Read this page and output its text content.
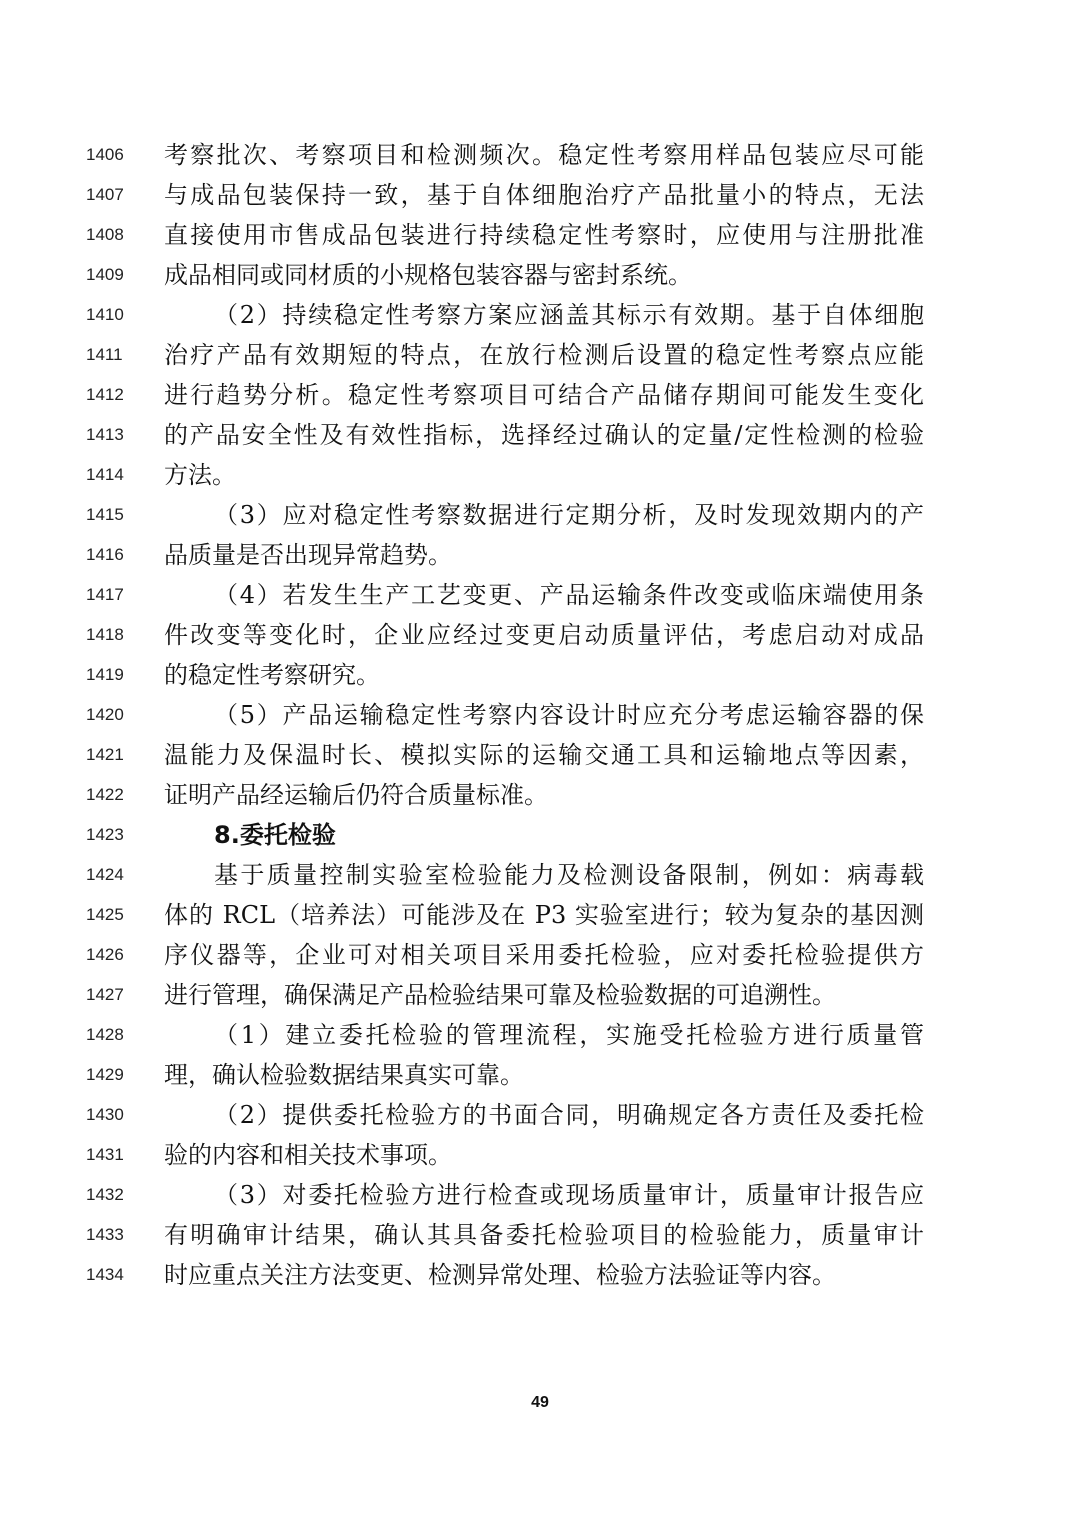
1406 考察批次、考察项目和检测频次。稳定性考察用样品包装应尽可能
1407 与成品包装保持一致，基于自体细胞治疗产品批量小的特点，无法
1408 直接使用市售成品包装进行持续稳定性考察时，应使用与注册批准
1409 成品相同或同材质的小规格包装容器与密封系统。
1410	（2）持续稳定性考察方案应涵盖其标示有效期。基于自体细胞
1411 治疗产品有效期短的特点，在放行检测后设置的稳定性考察点应能
1412 进行趋势分析。稳定性考察项目可结合产品储存期间可能发生变化
1413 的产品安全性及有效性指标，选择经过确认的定量/定性检测的检验
1414 方法。
1415	（3）应对稳定性考察数据进行定期分析，及时发现效期内的产
1416 品质量是否出现异常趋势。
1417	（4）若发生生产工艺变更、产品运输条件改变或临床端使用条
1418 件改变等变化时，企业应经过变更启动质量评估，考虑启动对成品
1419 的稳定性考察研究。
1420	（5）产品运输稳定性考察内容设计时应充分考虑运输容器的保
1421 温能力及保温时长、模拟实际的运输交通工具和运输地点等因素，
1422 证明产品经运输后仍符合质量标准。
1423	8.委托检验
1424	基于质量控制实验室检验能力及检测设备限制，例如：病毒载
1425 体的 RCL（培养法）可能涉及在 P3 实验室进行；较为复杂的基因测
1426 序仪器等，企业可对相关项目采用委托检验，应对委托检验提供方
1427 进行管理，确保满足产品检验结果可靠及检验数据的可追溯性。
1428	（1）建立委托检验的管理流程，实施受托检验方进行质量管
1429 理，确认检验数据结果真实可靠。
1430	（2）提供委托检验方的书面合同，明确规定各方责任及委托检
1431 验的内容和相关技术事项。
1432	（3）对委托检验方进行检查或现场质量审计，质量审计报告应
1433 有明确审计结果，确认其具备委托检验项目的检验能力，质量审计
1434 时应重点关注方法变更、检测异常处理、检验方法验证等内容。
49
